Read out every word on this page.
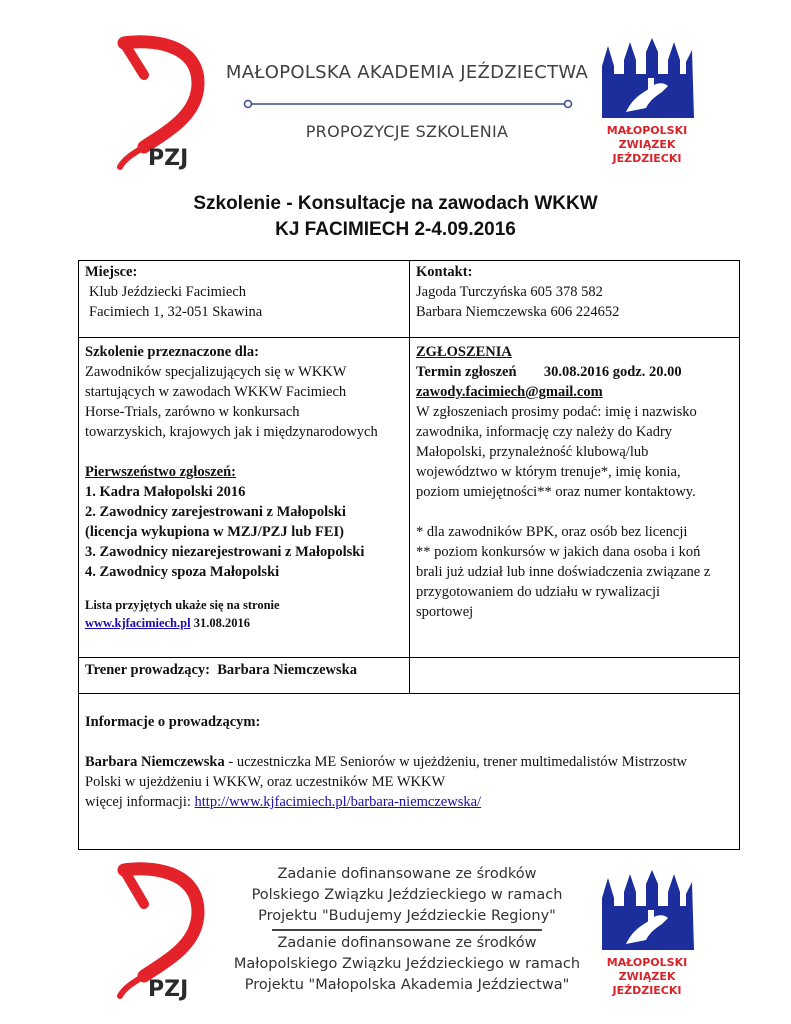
PZJ
MAŁOPOLSKA AKADEMIA JEŹDZIECTWA
PROPOZYCJE SZKOLENIA	MAŁOPOLSKI
ZWIĄZEK
JEŹDZIECKI
Szkolenie - Konsultacje na zawodach WKKW
KJ FACIMIECH 2-4.09.2016

Miejsce:

Klub Jeździecki Facimiech

Facimiech 1, 32-051 Skawina

Kontakt:

Jagoda Turczyńska 605 378 582

Barbara Niemczewska 606 224652

Szkolenie przeznaczone dla:

Zawodników specjalizujących się w WKKW

startujących w zawodach WKKW Facimiech

Horse-Trials, zarówno w konkursach

towarzyskich, krajowych jak i międzynarodowych

Pierwszeństwo zgłoszeń:

1. Kadra Małopolski 2016

2. Zawodnicy zarejestrowani z Małopolski

(licencja wykupiona w MZJ/PZJ lub FEI)

3. Zawodnicy niezarejestrowani z Małopolski

4. Zawodnicy spoza Małopolski

Lista przyjętych ukaże się na stronie

www.kjfacimiech.pl 31.08.2016

ZGŁOSZENIA

Termin zgłoszeń 30.08.2016 godz. 20.00

zawody.facimiech@gmail.com

W zgłoszeniach prosimy podać: imię i nazwisko

zawodnika, informację czy należy do Kadry

Małopolski, przynależność klubową/lub

województwo w którym trenuje*, imię konia,

poziom umiejętności** oraz numer kontaktowy.

* dla zawodników BPK, oraz osób bez licencji

** poziom konkursów w jakich dana osoba i koń

brali już udział lub inne doświadczenia związane z

przygotowaniem do udziału w rywalizacji

sportowej

Trener prowadzący: Barbara Niemczewska

Informacje o prowadzącym:

Barbara Niemczewska - uczestniczka ME Seniorów w ujeżdżeniu, trener multimedalistów Mistrzostw

Polski w ujeżdżeniu i WKKW, oraz uczestników ME WKKW

więcej informacji: http://www.kjfacimiech.pl/barbara-niemczewska/

PZJ
Zadanie dofinansowane ze środków
Polskiego Związku Jeździeckiego w ramach
Projektu "Budujemy Jeździeckie Regiony"
Zadanie dofinansowane ze środków
Małopolskiego Związku Jeździeckiego w ramach
Projektu "Małopolska Akademia Jeździectwa"
MAŁOPOLSKI
ZWIĄZEK
JEŹDZIECKI
